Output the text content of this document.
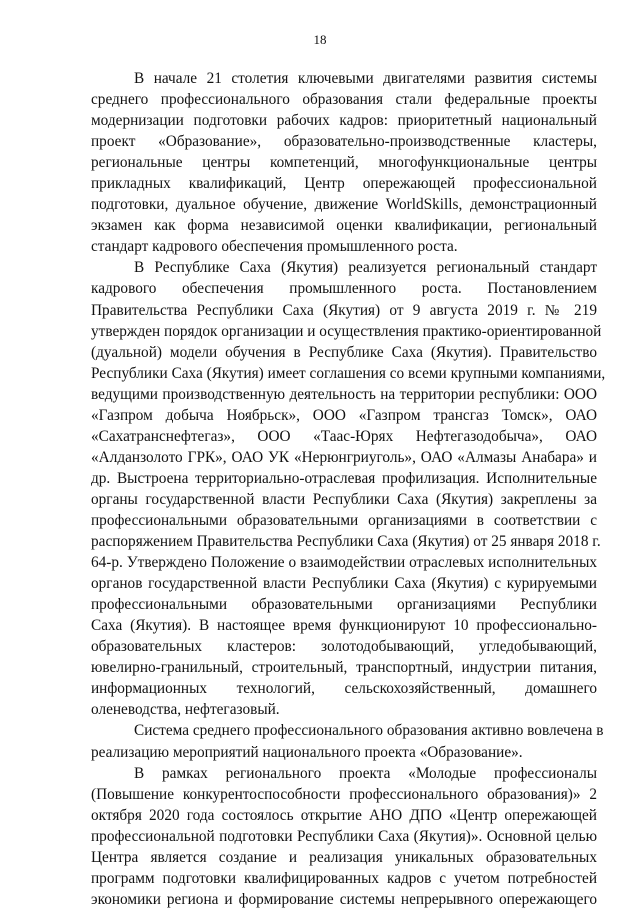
18
В начале 21 столетия ключевыми двигателями развития системы
среднего профессионального образования стали федеральные проекты
модернизации подготовки рабочих кадров: приоритетный национальный
проект «Образование», образовательно-производственные кластеры,
региональные центры компетенций, многофункциональные центры
прикладных квалификаций, Центр опережающей профессиональной
подготовки, дуальное обучение, движение WorldSkills, демонстрационный
экзамен как форма независимой оценки квалификации, региональный
стандарт кадрового обеспечения промышленного роста.
В Республике Саха (Якутия) реализуется региональный стандарт
кадрового обеспечения промышленного роста. Постановлением
Правительства Республики Саха (Якутия) от 9 августа 2019 г. № 219
утвержден порядок организации и осуществления практико-ориентированной
(дуальной) модели обучения в Республике Саха (Якутия). Правительство
Республики Саха (Якутия) имеет соглашения со всеми крупными компаниями,
ведущими производственную деятельность на территории республики: ООО
«Газпром добыча Ноябрьск», ООО «Газпром трансгаз Томск», ОАО
«Сахатранснефтегаз», ООО «Таас-Юрях Нефтегазодобыча», ОАО
«Алданзолото ГРК», ОАО УК «Нерюнгриуголь», ОАО «Алмазы Анабара» и
др. Выстроена территориально-отраслевая профилизация. Исполнительные
органы государственной власти Республики Саха (Якутия) закреплены за
профессиональными образовательными организациями в соответствии с
распоряжением Правительства Республики Саха (Якутия) от 25 января 2018 г.
64-р. Утверждено Положение о взаимодействии отраслевых исполнительных
органов государственной власти Республики Саха (Якутия) с курируемыми
профессиональными образовательными организациями Республики
Саха (Якутия). В настоящее время функционируют 10 профессионально-
образовательных кластеров: золотодобывающий, угледобывающий,
ювелирно-гранильный, строительный, транспортный, индустрии питания,
информационных технологий, сельскохозяйственный, домашнего
оленеводства, нефтегазовый.
Система среднего профессионального образования активно вовлечена в
реализацию мероприятий национального проекта «Образование».
В рамках регионального проекта «Молодые профессионалы
(Повышение конкурентоспособности профессионального образования)» 2
октября 2020 года состоялось открытие АНО ДПО «Центр опережающей
профессиональной подготовки Республики Саха (Якутия)». Основной целью
Центра является создание и реализация уникальных образовательных
программ подготовки квалифицированных кадров с учетом потребностей
экономики региона и формирование системы непрерывного опережающего
